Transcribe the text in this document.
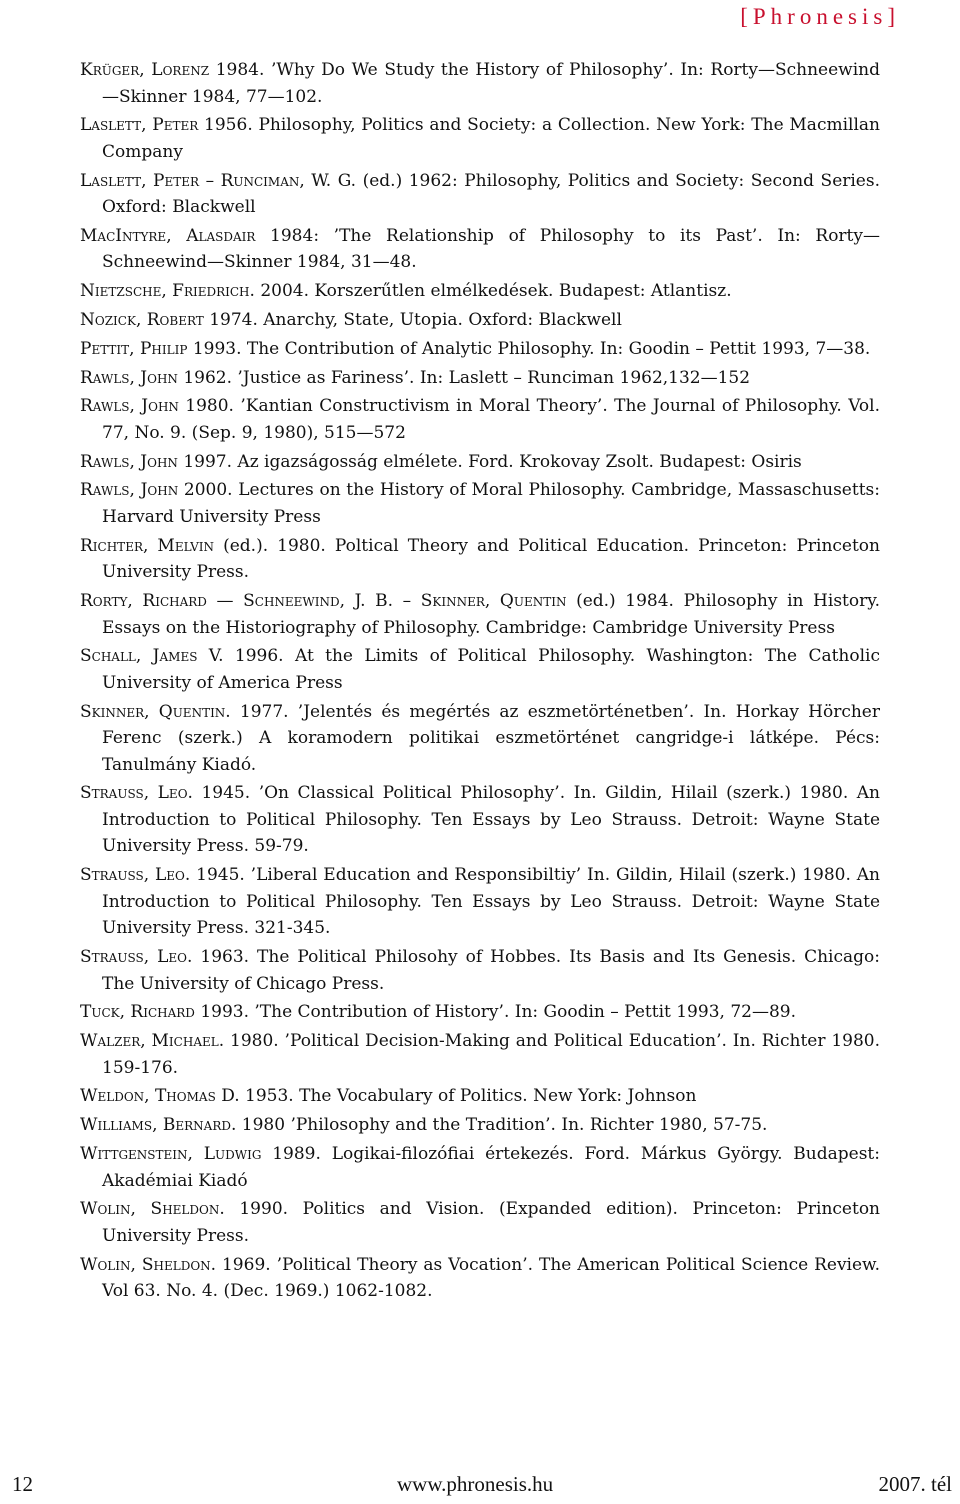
[Phronesis]
Krüger, Lorenz 1984. ’Why Do We Study the History of Philosophy’. In: Rorty—Schneewind—Skinner 1984, 77—102.
Laslett, Peter 1956. Philosophy, Politics and Society: a Collection. New York: The Macmillan Company
Laslett, Peter – Runciman, W. G. (ed.) 1962: Philosophy, Politics and Society: Second Series. Oxford: Blackwell
MacIntyre, Alasdair 1984: ’The Relationship of Philosophy to its Past’. In: Rorty—Schneewind—Skinner 1984, 31—48.
Nietzsche, Friedrich. 2004. Korszerűtlen elmélkedések. Budapest: Atlantisz.
Nozick, Robert 1974. Anarchy, State, Utopia. Oxford: Blackwell
Pettit, Philip 1993. The Contribution of Analytic Philosophy. In: Goodin – Pettit 1993, 7—38.
Rawls, John 1962. ’Justice as Fariness’. In: Laslett – Runciman 1962,132—152
Rawls, John 1980. ’Kantian Constructivism in Moral Theory’. The Journal of Philosophy. Vol. 77, No. 9. (Sep. 9, 1980), 515—572
Rawls, John 1997. Az igazságosság elmélete. Ford. Krokovay Zsolt. Budapest: Osiris
Rawls, John 2000. Lectures on the History of Moral Philosophy. Cambridge, Massaschusetts: Harvard University Press
Richter, Melvin (ed.). 1980. Poltical Theory and Political Education. Princeton: Princeton University Press.
Rorty, Richard — Schneewind, J. B. – Skinner, Quentin (ed.) 1984. Philosophy in History. Essays on the Historiography of Philosophy. Cambridge: Cambridge University Press
Schall, James V. 1996. At the Limits of Political Philosophy. Washington: The Catholic University of America Press
Skinner, Quentin. 1977. ’Jelentés és megértés az eszmetörténetben’. In. Horkay Hörcher Ferenc (szerk.) A koramodern politikai eszmetörténet cangridge-i látképe. Pécs: Tanulmány Kiadó.
Strauss, Leo. 1945. ’On Classical Political Philosophy’. In. Gildin, Hilail (szerk.) 1980. An Introduction to Political Philosophy. Ten Essays by Leo Strauss. Detroit: Wayne State University Press. 59-79.
Strauss, Leo. 1945. ’Liberal Education and Responsibiltiy’ In. Gildin, Hilail (szerk.) 1980. An Introduction to Political Philosophy. Ten Essays by Leo Strauss. Detroit: Wayne State University Press. 321-345.
Strauss, Leo. 1963. The Political Philosohy of Hobbes. Its Basis and Its Genesis. Chicago: The University of Chicago Press.
Tuck, Richard 1993. ’The Contribution of History’. In: Goodin – Pettit 1993, 72—89.
Walzer, Michael. 1980. ’Political Decision-Making and Political Education’. In. Richter 1980. 159-176.
Weldon, Thomas D. 1953. The Vocabulary of Politics. New York: Johnson
Williams, Bernard. 1980 ’Philosophy and the Tradition’. In. Richter 1980, 57-75.
Wittgenstein, Ludwig 1989. Logikai-filozófiai értekezés. Ford. Márkus György. Budapest: Akadémiai Kiadó
Wolin, Sheldon. 1990. Politics and Vision. (Expanded edition). Princeton: Princeton University Press.
Wolin, Sheldon. 1969. ’Political Theory as Vocation’. The American Political Science Review. Vol 63. No. 4. (Dec. 1969.) 1062-1082.
12	www.phronesis.hu	2007. tél
